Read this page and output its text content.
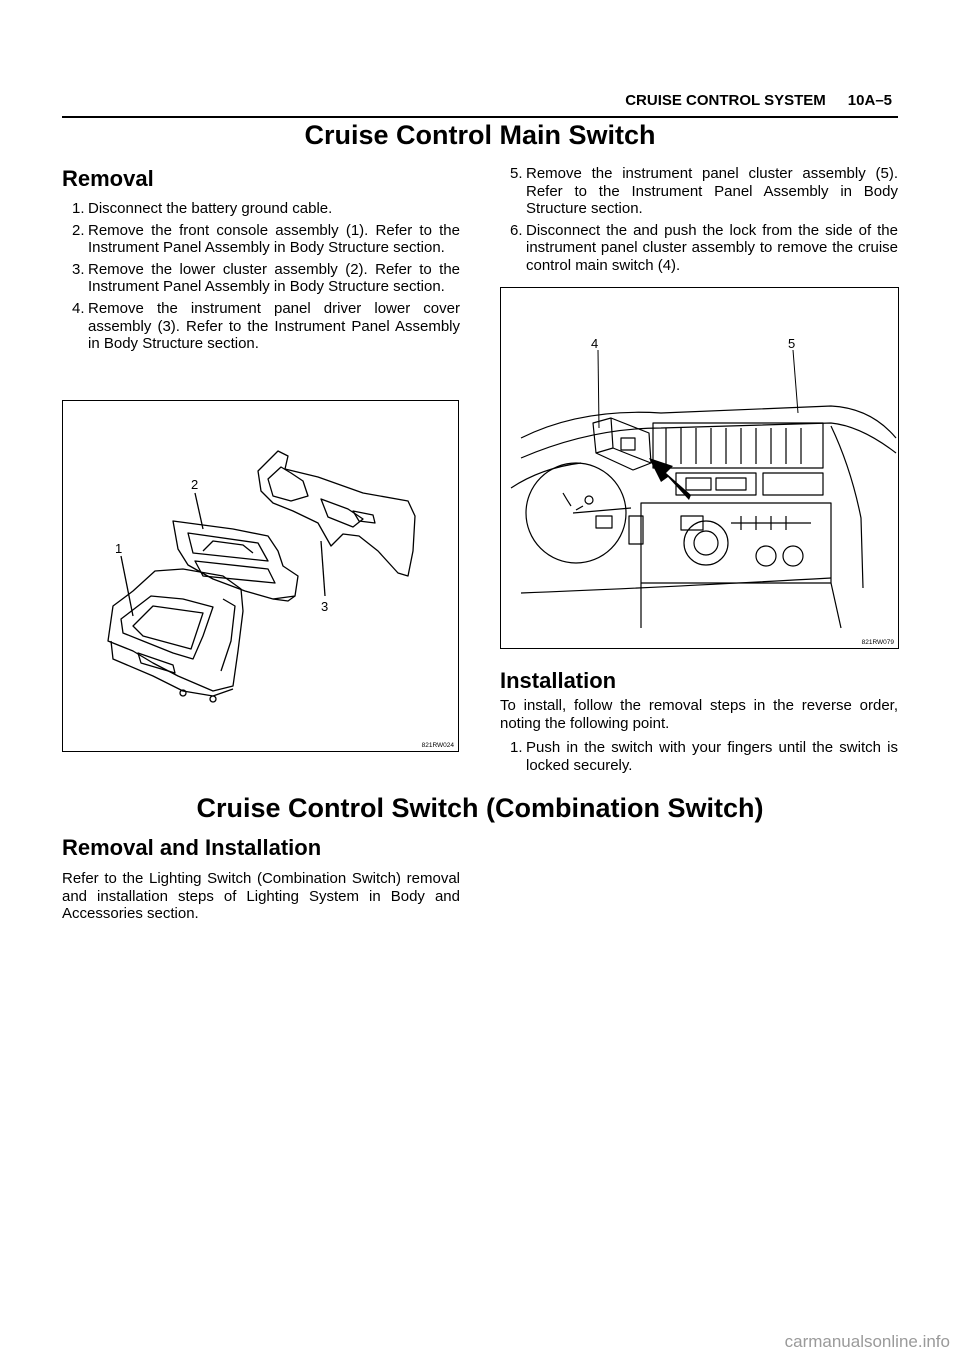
CRUISE CONTROL SYSTEM 10A–5
Cruise Control Main Switch
Removal
1. Disconnect the battery ground cable.
2. Remove the front console assembly (1). Refer to the Instrument Panel Assembly in Body Structure section.
3. Remove the lower cluster assembly (2). Refer to the Instrument Panel Assembly in Body Structure section.
4. Remove the instrument panel driver lower cover assembly (3). Refer to the Instrument Panel Assembly in Body Structure section.
5. Remove the instrument panel cluster assembly (5). Refer to the Instrument Panel Assembly in Body Structure section.
6. Disconnect the and push the lock from the side of the instrument panel cluster assembly to remove the cruise control main switch (4).
1
2
3
821RW024
4	5
821RW079
Installation
To install, follow the removal steps in the reverse order, noting the following point.
1. Push in the switch with your fingers until the switch is locked securely.
Cruise Control Switch (Combination Switch)
Removal and Installation
Refer to the Lighting Switch (Combination Switch) removal and installation steps of Lighting System in Body and Accessories section.
carmanualsonline.info
